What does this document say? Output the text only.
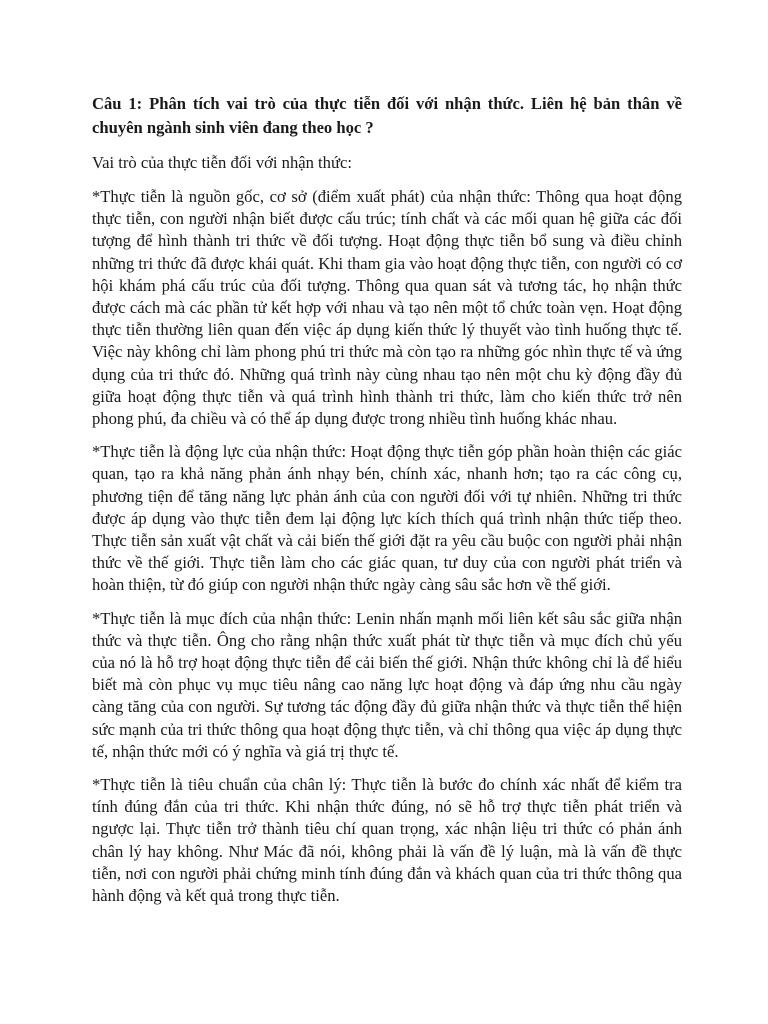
Câu 1: Phân tích vai trò của thực tiễn đối với nhận thức. Liên hệ bản thân về chuyên ngành sinh viên đang theo học ?

Vai trò của thực tiễn đối với nhận thức:

*Thực tiễn là nguồn gốc, cơ sở (điểm xuất phát) của nhận thức: Thông qua hoạt động thực tiễn, con người nhận biết được cấu trúc; tính chất và các mối quan hệ giữa các đối tượng để hình thành tri thức về đối tượng. Hoạt động thực tiễn bổ sung và điều chỉnh những tri thức đã được khái quát. Khi tham gia vào hoạt động thực tiễn, con người có cơ hội khám phá cấu trúc của đối tượng. Thông qua quan sát và tương tác, họ nhận thức được cách mà các phần tử kết hợp với nhau và tạo nên một tổ chức toàn vẹn. Hoạt động thực tiễn thường liên quan đến việc áp dụng kiến thức lý thuyết vào tình huống thực tế. Việc này không chỉ làm phong phú tri thức mà còn tạo ra những góc nhìn thực tế và ứng dụng của tri thức đó. Những quá trình này cùng nhau tạo nên một chu kỳ động đầy đủ giữa hoạt động thực tiễn và quá trình hình thành tri thức, làm cho kiến thức trở nên phong phú, đa chiều và có thể áp dụng được trong nhiều tình huống khác nhau.

*Thực tiễn là động lực của nhận thức: Hoạt động thực tiễn góp phần hoàn thiện các giác quan, tạo ra khả năng phản ánh nhạy bén, chính xác, nhanh hơn; tạo ra các công cụ, phương tiện để tăng năng lực phản ánh của con người đối với tự nhiên. Những tri thức được áp dụng vào thực tiễn đem lại động lực kích thích quá trình nhận thức tiếp theo. Thực tiễn sản xuất vật chất và cải biến thế giới đặt ra yêu cầu buộc con người phải nhận thức về thế giới. Thực tiễn làm cho các giác quan, tư duy của con người phát triển và hoàn thiện, từ đó giúp con người nhận thức ngày càng sâu sắc hơn về thế giới.

*Thực tiễn là mục đích của nhận thức: Lenin nhấn mạnh mối liên kết sâu sắc giữa nhận thức và thực tiễn. Ông cho rằng nhận thức xuất phát từ thực tiễn và mục đích chủ yếu của nó là hỗ trợ hoạt động thực tiễn để cải biến thế giới. Nhận thức không chỉ là để hiểu biết mà còn phục vụ mục tiêu nâng cao năng lực hoạt động và đáp ứng nhu cầu ngày càng tăng của con người. Sự tương tác động đầy đủ giữa nhận thức và thực tiễn thể hiện sức mạnh của tri thức thông qua hoạt động thực tiễn, và chỉ thông qua việc áp dụng thực tế, nhận thức mới có ý nghĩa và giá trị thực tế.

*Thực tiễn là tiêu chuẩn của chân lý: Thực tiễn là bước đo chính xác nhất để kiểm tra tính đúng đắn của tri thức. Khi nhận thức đúng, nó sẽ hỗ trợ thực tiễn phát triển và ngược lại. Thực tiễn trở thành tiêu chí quan trọng, xác nhận liệu tri thức có phản ánh chân lý hay không. Như Mác đã nói, không phải là vấn đề lý luận, mà là vấn đề thực tiễn, nơi con người phải chứng minh tính đúng đắn và khách quan của tri thức thông qua hành động và kết quả trong thực tiễn.
